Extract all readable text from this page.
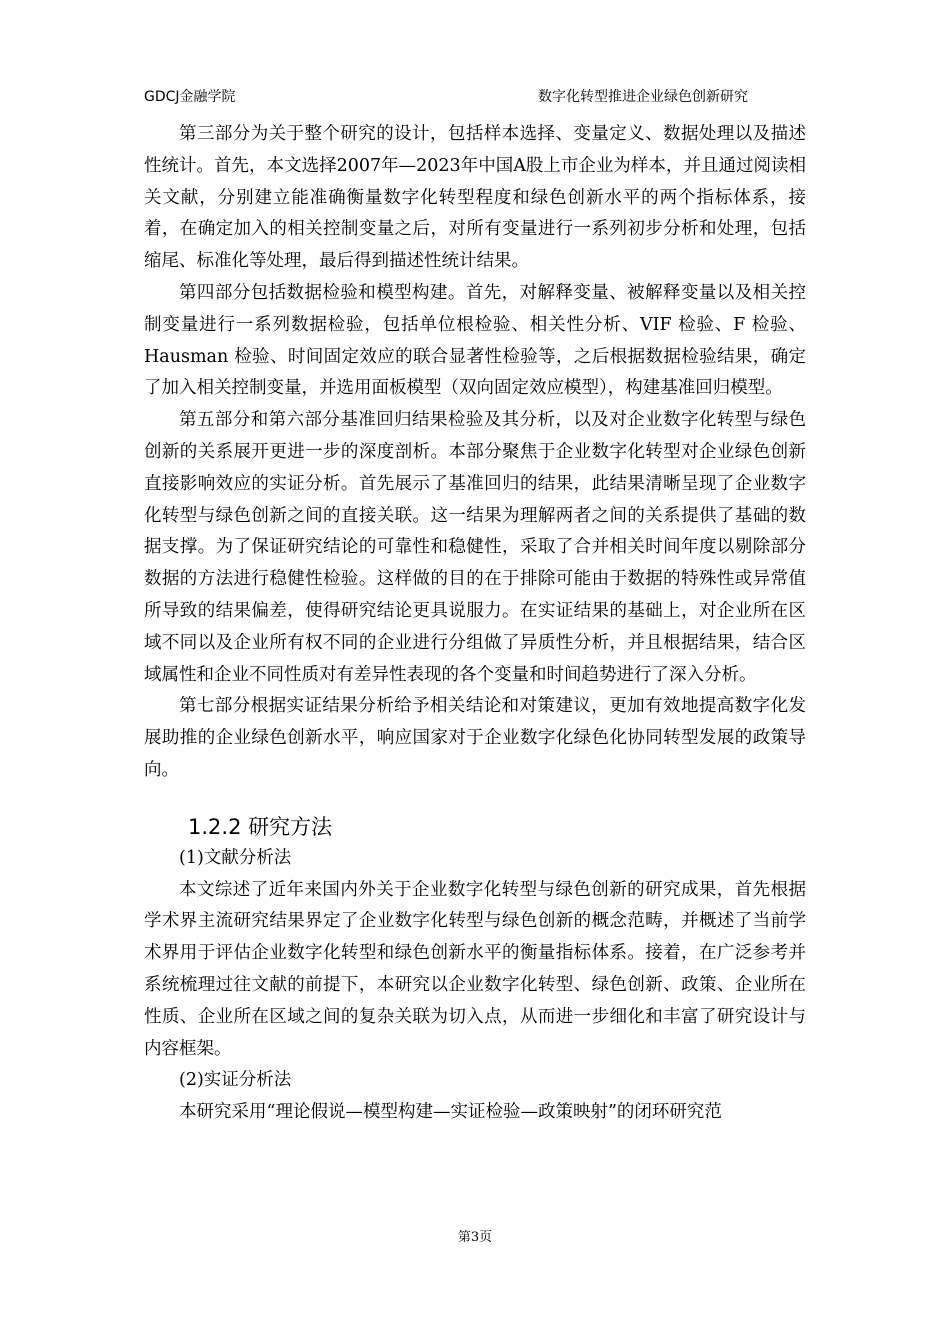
GDCJ金融学院	数字化转型推进企业绿色创新研究

第三部分为关于整个研究的设计，包括样本选择、变量定义、数据处理以及描述性统计。首先，本文选择2007年—2023年中国A股上市企业为样本，并且通过阅读相关文献，分别建立能准确衡量数字化转型程度和绿色创新水平的两个指标体系，接着，在确定加入的相关控制变量之后，对所有变量进行一系列初步分析和处理，包括缩尾、标准化等处理，最后得到描述性统计结果。

第四部分包括数据检验和模型构建。首先，对解释变量、被解释变量以及相关控制变量进行一系列数据检验，包括单位根检验、相关性分析、VIF 检验、F 检验、Hausman 检验、时间固定效应的联合显著性检验等，之后根据数据检验结果，确定了加入相关控制变量，并选用面板模型（双向固定效应模型），构建基准回归模型。

第五部分和第六部分基准回归结果检验及其分析，以及对企业数字化转型与绿色创新的关系展开更进一步的深度剖析。本部分聚焦于企业数字化转型对企业绿色创新直接影响效应的实证分析。首先展示了基准回归的结果，此结果清晰呈现了企业数字化转型与绿色创新之间的直接关联。这一结果为理解两者之间的关系提供了基础的数据支撑。为了保证研究结论的可靠性和稳健性，采取了合并相关时间年度以剔除部分数据的方法进行稳健性检验。这样做的目的在于排除可能由于数据的特殊性或异常值所导致的结果偏差，使得研究结论更具说服力。在实证结果的基础上，对企业所在区域不同以及企业所有权不同的企业进行分组做了异质性分析，并且根据结果，结合区域属性和企业不同性质对有差异性表现的各个变量和时间趋势进行了深入分析。

第七部分根据实证结果分析给予相关结论和对策建议，更加有效地提高数字化发展助推的企业绿色创新水平，响应国家对于企业数字化绿色化协同转型发展的政策导向。

1.2.2 研究方法
(1)文献分析法

本文综述了近年来国内外关于企业数字化转型与绿色创新的研究成果，首先根据学术界主流研究结果界定了企业数字化转型与绿色创新的概念范畴，并概述了当前学术界用于评估企业数字化转型和绿色创新水平的衡量指标体系。接着，在广泛参考并系统梳理过往文献的前提下，本研究以企业数字化转型、绿色创新、政策、企业所在性质、企业所在区域之间的复杂关联为切入点，从而进一步细化和丰富了研究设计与内容框架。

(2)实证分析法

本研究采用“理论假说—模型构建—实证检验—政策映射”的闭环研究范

第3页
